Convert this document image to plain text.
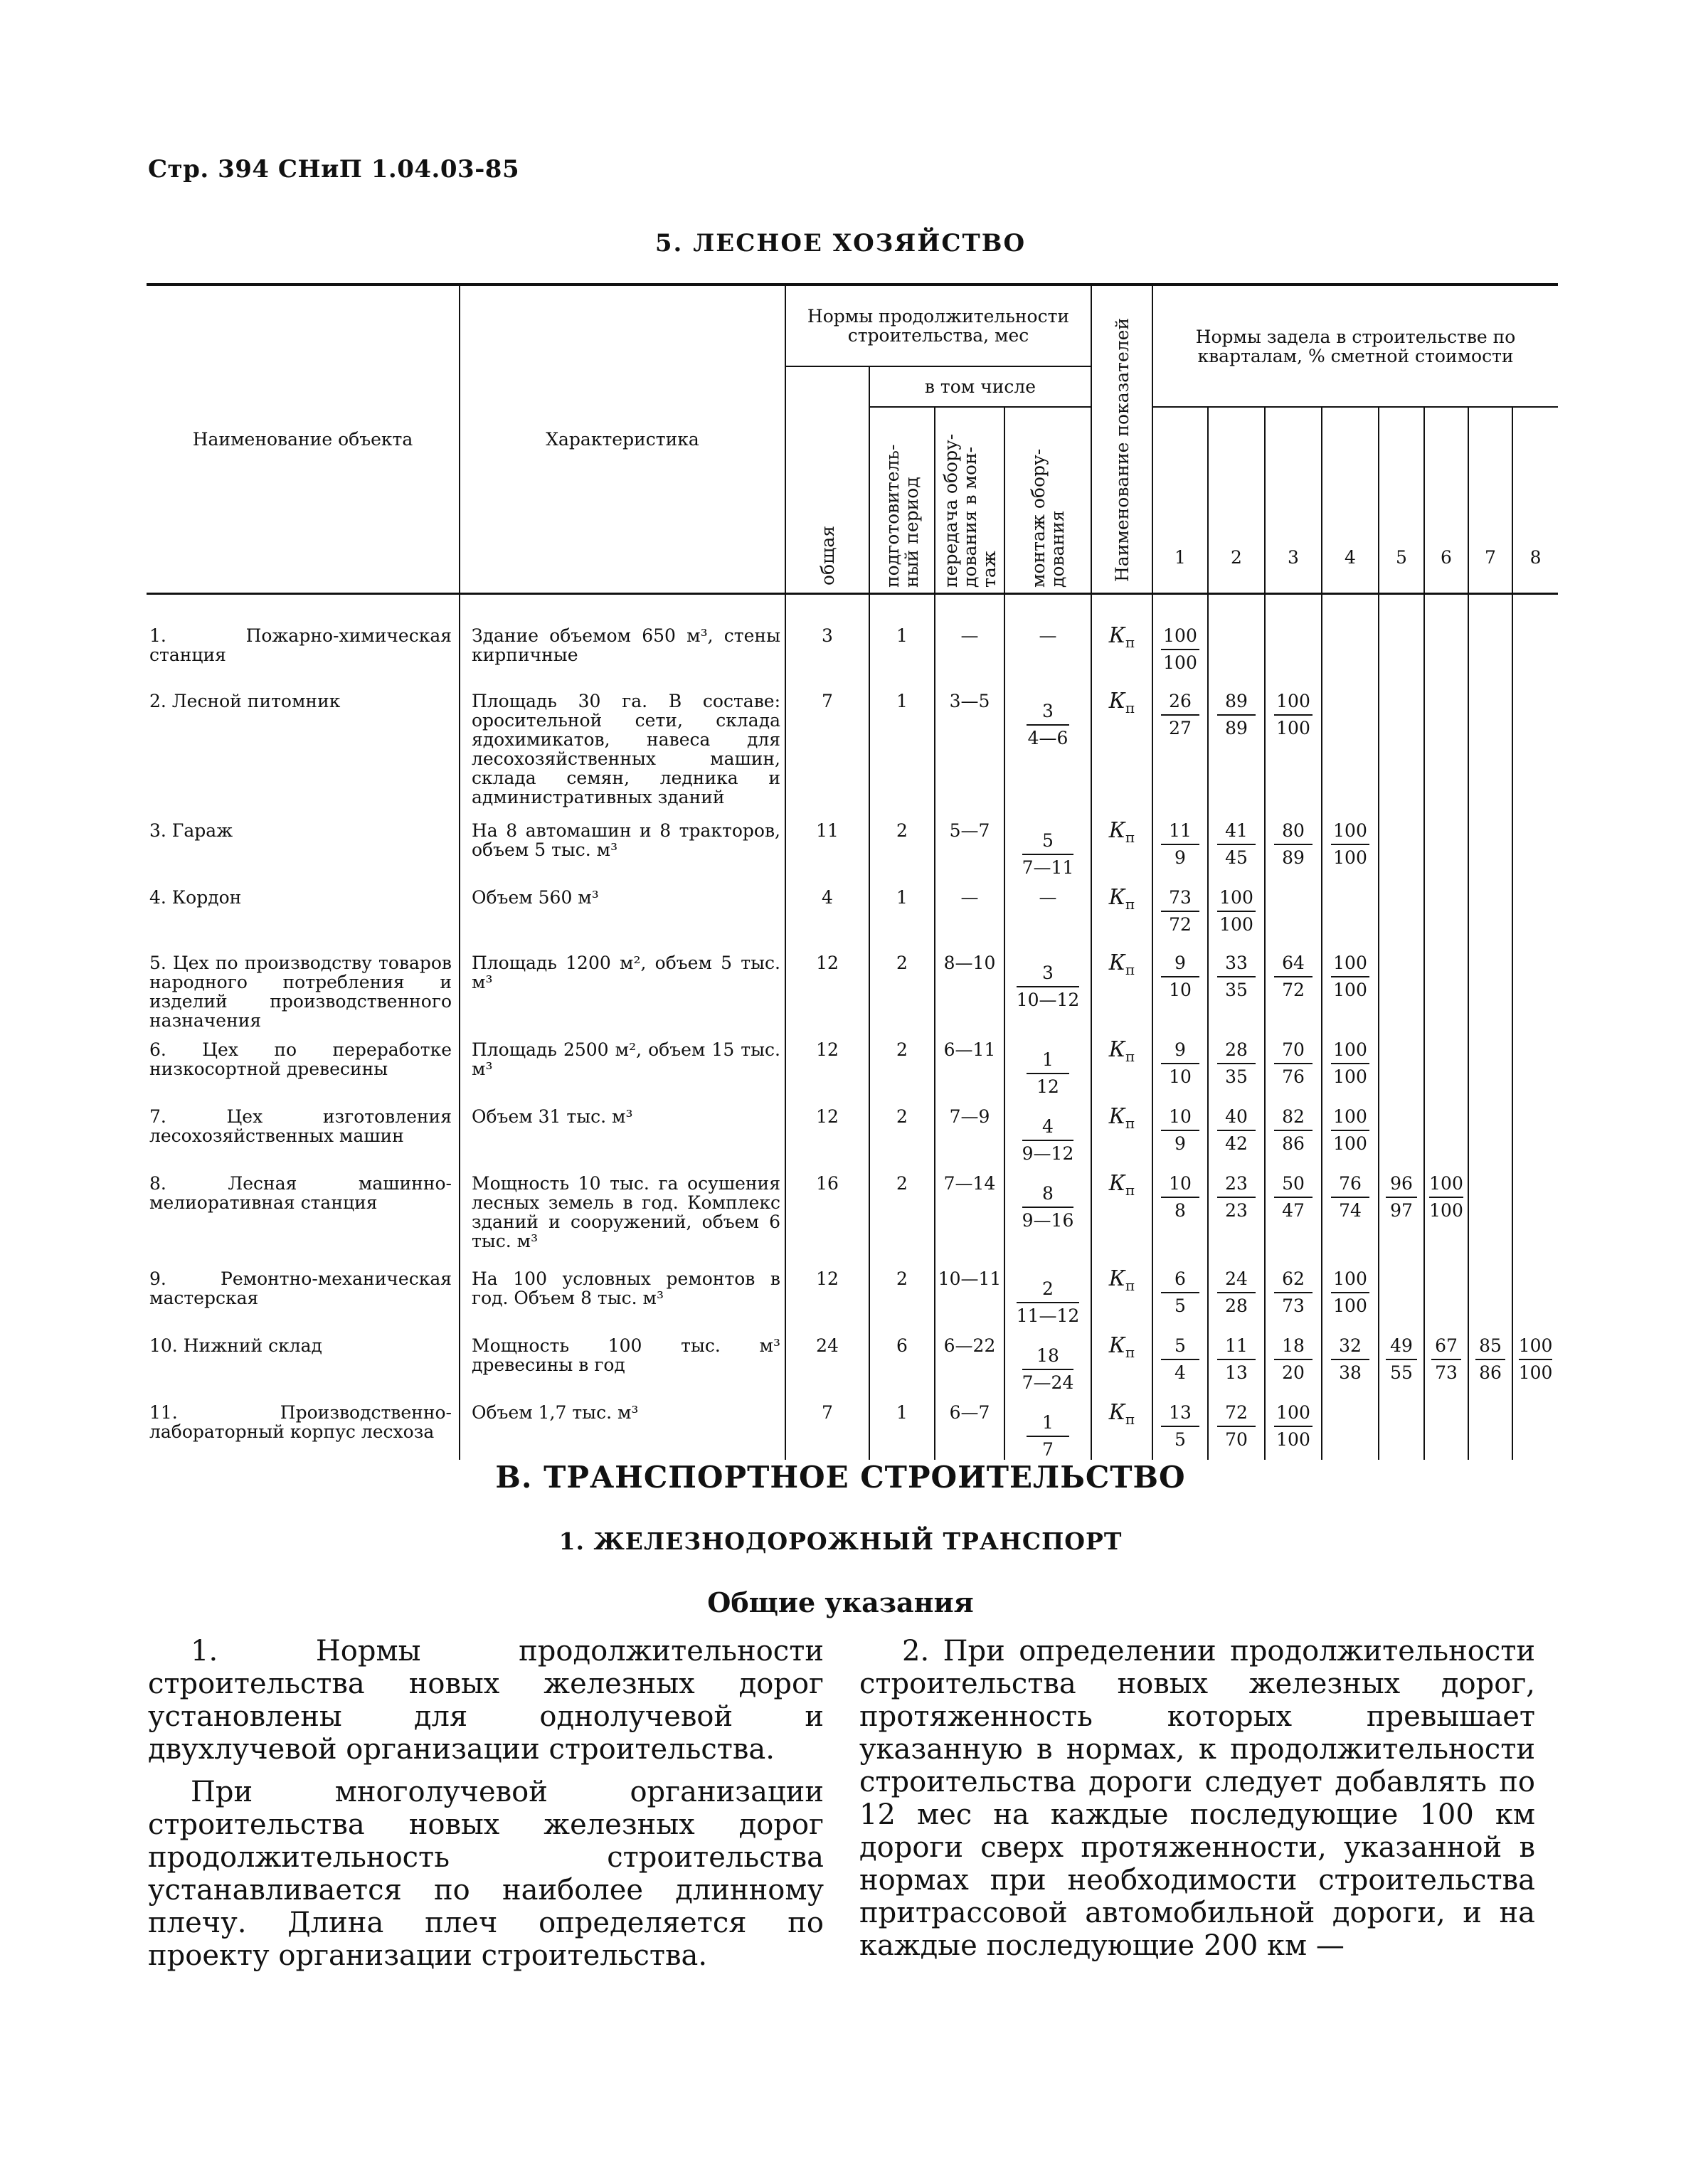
Стр. 394 СНиП 1.04.03-85
5. ЛЕСНОЕ ХОЗЯЙСТВО
Наименование объекта	Характеристика	Нормы продолжительности строительства, мес				Наименование показателей	Нормы задела в строительстве по кварталам, % сметной стоимости							

		общая	в том числе											

			подготовитель-ный период	передача обору-дования в мон-таж	монтаж обору-дования		1	2	3	4	5	6	7	8

1. Пожарно-химическая станция	Здание объемом 650 м³, стены кирпичные	3	1	—	—	$К_п$	$\frac{100}{100}$

2. Лесной питомник	Площадь 30 га. В составе: оросительной сети, склада ядохимикатов, навеса для лесохозяйственных машин, склада семян, ледника и административных зданий	7	1	3—5	$\frac{3}{4—6}$	$К_п$	$\frac{26}{27}$	$\frac{89}{89}$	$\frac{100}{100}$

3. Гараж	На 8 автомашин и 8 тракторов, объем 5 тыс. м³	11	2	5—7	$\frac{5}{7—11}$	$К_п$	$\frac{11}{9}$	$\frac{41}{45}$	$\frac{80}{89}$	$\frac{100}{100}$

4. Кордон	Объем 560 м³	4	1	—	—	$К_п$	$\frac{73}{72}$	$\frac{100}{100}$

5. Цех по производству товаров народного потребления и изделий производственного назначения	Площадь 1200 м², объем 5 тыс. м³	12	2	8—10	$\frac{3}{10—12}$	$К_п$	$\frac{9}{10}$	$\frac{33}{35}$	$\frac{64}{72}$	$\frac{100}{100}$

6. Цех по переработке низкосортной древесины	Площадь 2500 м², объем 15 тыс. м³	12	2	6—11	$\frac{1}{12}$	$К_п$	$\frac{9}{10}$	$\frac{28}{35}$	$\frac{70}{76}$	$\frac{100}{100}$

7. Цех изготовления лесохозяйственных машин	Объем 31 тыс. м³	12	2	7—9	$\frac{4}{9—12}$	$К_п$	$\frac{10}{9}$	$\frac{40}{42}$	$\frac{82}{86}$	$\frac{100}{100}$

8. Лесная машинно-мелиоративная станция	Мощность 10 тыс. га осушения лесных земель в год. Комплекс зданий и сооружений, объем 6 тыс. м³	16	2	7—14	$\frac{8}{9—16}$	$К_п$	$\frac{10}{8}$	$\frac{23}{23}$	$\frac{50}{47}$	$\frac{76}{74}$	$\frac{96}{97}$	$\frac{100}{100}$

9. Ремонтно-механическая мастерская	На 100 условных ремонтов в год. Объем 8 тыс. м³	12	2	10—11	$\frac{2}{11—12}$	$К_п$	$\frac{6}{5}$	$\frac{24}{28}$	$\frac{62}{73}$	$\frac{100}{100}$

10. Нижний склад	Мощность 100 тыс. м³ древесины в год	24	6	6—22	$\frac{18}{7—24}$	$К_п$	$\frac{5}{4}$	$\frac{11}{13}$	$\frac{18}{20}$	$\frac{32}{38}$	$\frac{49}{55}$	$\frac{67}{73}$	$\frac{85}{86}$	$\frac{100}{100}$

11. Производственно-лабораторный корпус лесхоза	Объем 1,7 тыс. м³	7	1	6—7	$\frac{1}{7}$	$К_п$	$\frac{13}{5}$	$\frac{72}{70}$	$\frac{100}{100}$

В. ТРАНСПОРТНОЕ СТРОИТЕЛЬСТВО
1. ЖЕЛЕЗНОДОРОЖНЫЙ ТРАНСПОРТ
Общие указания

1. Нормы продолжительности строительства новых железных дорог установлены для однолучевой и двухлучевой организации строительства.

При многолучевой организации строительства новых железных дорог продолжительность строительства устанавливается по наиболее длинному плечу. Длина плеч определяется по проекту организации строительства.

2. При определении продолжительности строительства новых железных дорог, протяженность которых превышает указанную в нормах, к продолжительности строительства дороги следует добавлять по 12 мес на каждые последующие 100 км дороги сверх протяженности, указанной в нормах при необходимости строительства притрассовой автомобильной дороги, и на каждые последующие 200 км —
